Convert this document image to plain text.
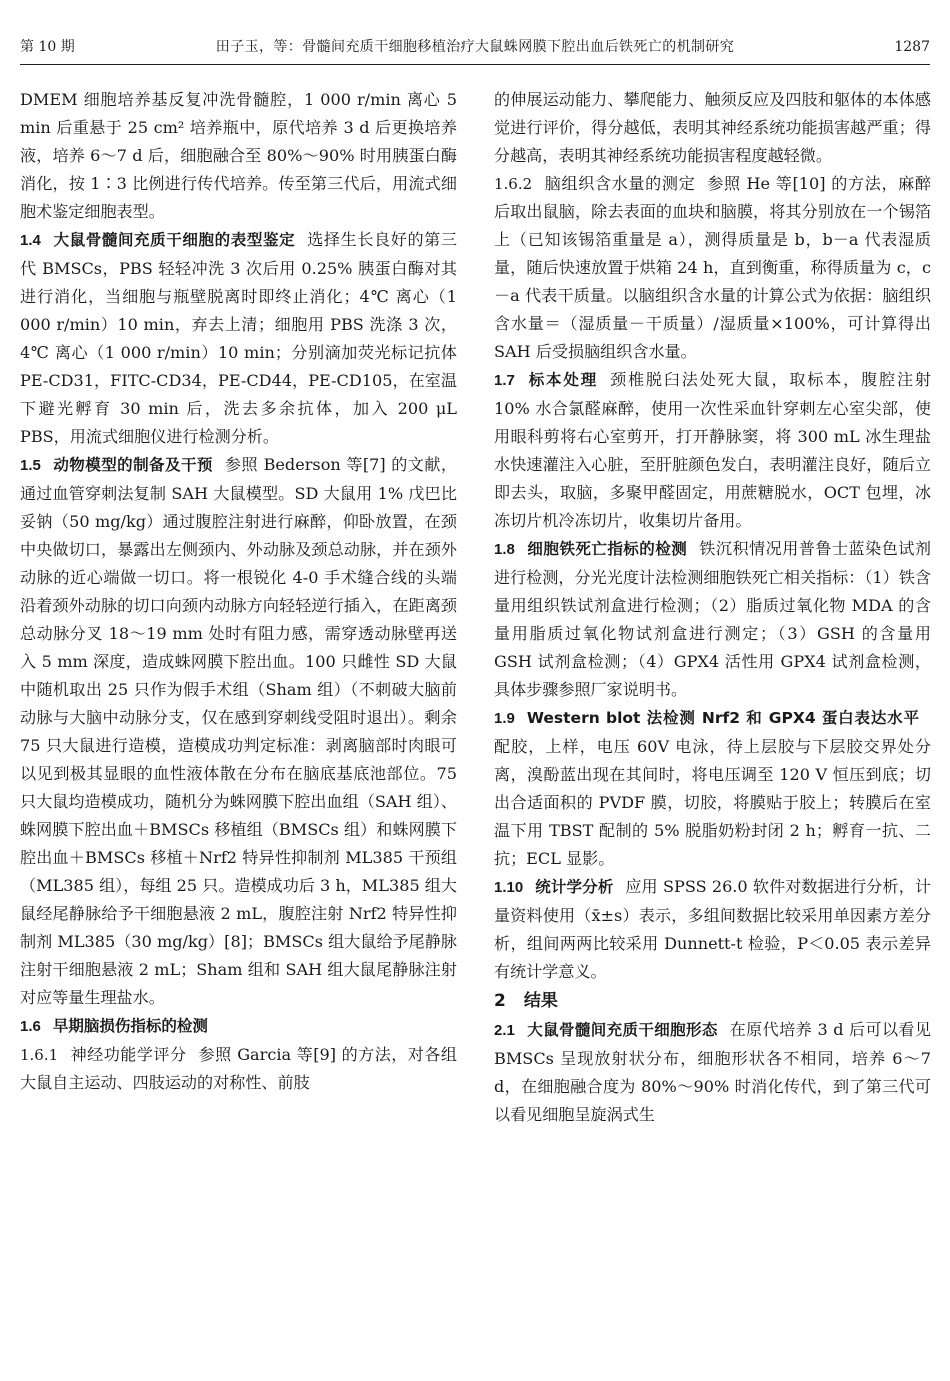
第 10 期	田子玉，等：骨髓间充质干细胞移植治疗大鼠蛛网膜下腔出血后铁死亡的机制研究	1287

DMEM 细胞培养基反复冲洗骨髓腔，1 000 r/min 离心 5 min 后重悬于 25 cm² 培养瓶中，原代培养 3 d 后更换培养液，培养 6～7 d 后，细胞融合至 80%～90% 时用胰蛋白酶消化，按 1∶3 比例进行传代培养。传至第三代后，用流式细胞术鉴定细胞表型。

1.4 大鼠骨髓间充质干细胞的表型鉴定 选择生长良好的第三代 BMSCs，PBS 轻轻冲洗 3 次后用 0.25% 胰蛋白酶对其进行消化，当细胞与瓶壁脱离时即终止消化；4℃ 离心（1 000 r/min）10 min，弃去上清；细胞用 PBS 洗涤 3 次，4℃ 离心（1 000 r/min）10 min；分别滴加荧光标记抗体 PE-CD31，FITC-CD34，PE-CD44，PE-CD105，在室温下避光孵育 30 min 后，洗去多余抗体，加入 200 μL PBS，用流式细胞仪进行检测分析。

1.5 动物模型的制备及干预 参照 Bederson 等[7] 的文献，通过血管穿刺法复制 SAH 大鼠模型。SD 大鼠用 1% 戊巴比妥钠（50 mg/kg）通过腹腔注射进行麻醉，仰卧放置，在颈中央做切口，暴露出左侧颈内、外动脉及颈总动脉，并在颈外动脉的近心端做一切口。将一根锐化 4-0 手术缝合线的头端沿着颈外动脉的切口向颈内动脉方向轻轻逆行插入，在距离颈总动脉分叉 18～19 mm 处时有阻力感，需穿透动脉壁再送入 5 mm 深度，造成蛛网膜下腔出血。100 只雌性 SD 大鼠中随机取出 25 只作为假手术组（Sham 组）（不刺破大脑前动脉与大脑中动脉分支，仅在感到穿刺线受阻时退出）。剩余 75 只大鼠进行造模，造模成功判定标准：剥离脑部时肉眼可以见到极其显眼的血性液体散在分布在脑底基底池部位。75 只大鼠均造模成功，随机分为蛛网膜下腔出血组（SAH 组）、蛛网膜下腔出血＋BMSCs 移植组（BMSCs 组）和蛛网膜下腔出血＋BMSCs 移植＋Nrf2 特异性抑制剂 ML385 干预组（ML385 组），每组 25 只。造模成功后 3 h，ML385 组大鼠经尾静脉给予干细胞悬液 2 mL，腹腔注射 Nrf2 特异性抑制剂 ML385（30 mg/kg）[8]；BMSCs 组大鼠给予尾静脉注射干细胞悬液 2 mL；Sham 组和 SAH 组大鼠尾静脉注射对应等量生理盐水。

1.6 早期脑损伤指标的检测

1.6.1 神经功能学评分 参照 Garcia 等[9] 的方法，对各组大鼠自主运动、四肢运动的对称性、前肢

的伸展运动能力、攀爬能力、触须反应及四肢和躯体的本体感觉进行评价，得分越低，表明其神经系统功能损害越严重；得分越高，表明其神经系统功能损害程度越轻微。

1.6.2 脑组织含水量的测定 参照 He 等[10] 的方法，麻醉后取出鼠脑，除去表面的血块和脑膜，将其分别放在一个锡箔上（已知该锡箔重量是 a），测得质量是 b，b－a 代表湿质量，随后快速放置于烘箱 24 h，直到衡重，称得质量为 c，c－a 代表干质量。以脑组织含水量的计算公式为依据：脑组织含水量＝（湿质量－干质量）/湿质量×100%，可计算得出 SAH 后受损脑组织含水量。

1.7 标本处理 颈椎脱臼法处死大鼠，取标本，腹腔注射 10% 水合氯醛麻醉，使用一次性采血针穿刺左心室尖部，使用眼科剪将右心室剪开，打开静脉窦，将 300 mL 冰生理盐水快速灌注入心脏，至肝脏颜色发白，表明灌注良好，随后立即去头，取脑，多聚甲醛固定，用蔗糖脱水，OCT 包埋，冰冻切片机冷冻切片，收集切片备用。

1.8 细胞铁死亡指标的检测 铁沉积情况用普鲁士蓝染色试剂进行检测，分光光度计法检测细胞铁死亡相关指标：（1）铁含量用组织铁试剂盒进行检测；（2）脂质过氧化物 MDA 的含量用脂质过氧化物试剂盒进行测定；（3）GSH 的含量用 GSH 试剂盒检测；（4）GPX4 活性用 GPX4 试剂盒检测，具体步骤参照厂家说明书。

1.9 Western blot 法检测 Nrf2 和 GPX4 蛋白表达水平配胶，上样，电压 60V 电泳，待上层胶与下层胶交界处分离，溴酚蓝出现在其间时，将电压调至 120 V 恒压到底；切出合适面积的 PVDF 膜，切胶，将膜贴于胶上；转膜后在室温下用 TBST 配制的 5% 脱脂奶粉封闭 2 h；孵育一抗、二抗；ECL 显影。

1.10 统计学分析 应用 SPSS 26.0 软件对数据进行分析，计量资料使用（x̄±s）表示，多组间数据比较采用单因素方差分析，组间两两比较采用 Dunnett-t 检验，P＜0.05 表示差异有统计学意义。

2 结果

2.1 大鼠骨髓间充质干细胞形态 在原代培养 3 d 后可以看见 BMSCs 呈现放射状分布，细胞形状各不相同，培养 6～7 d，在细胞融合度为 80%～90% 时消化传代，到了第三代可以看见细胞呈旋涡式生
